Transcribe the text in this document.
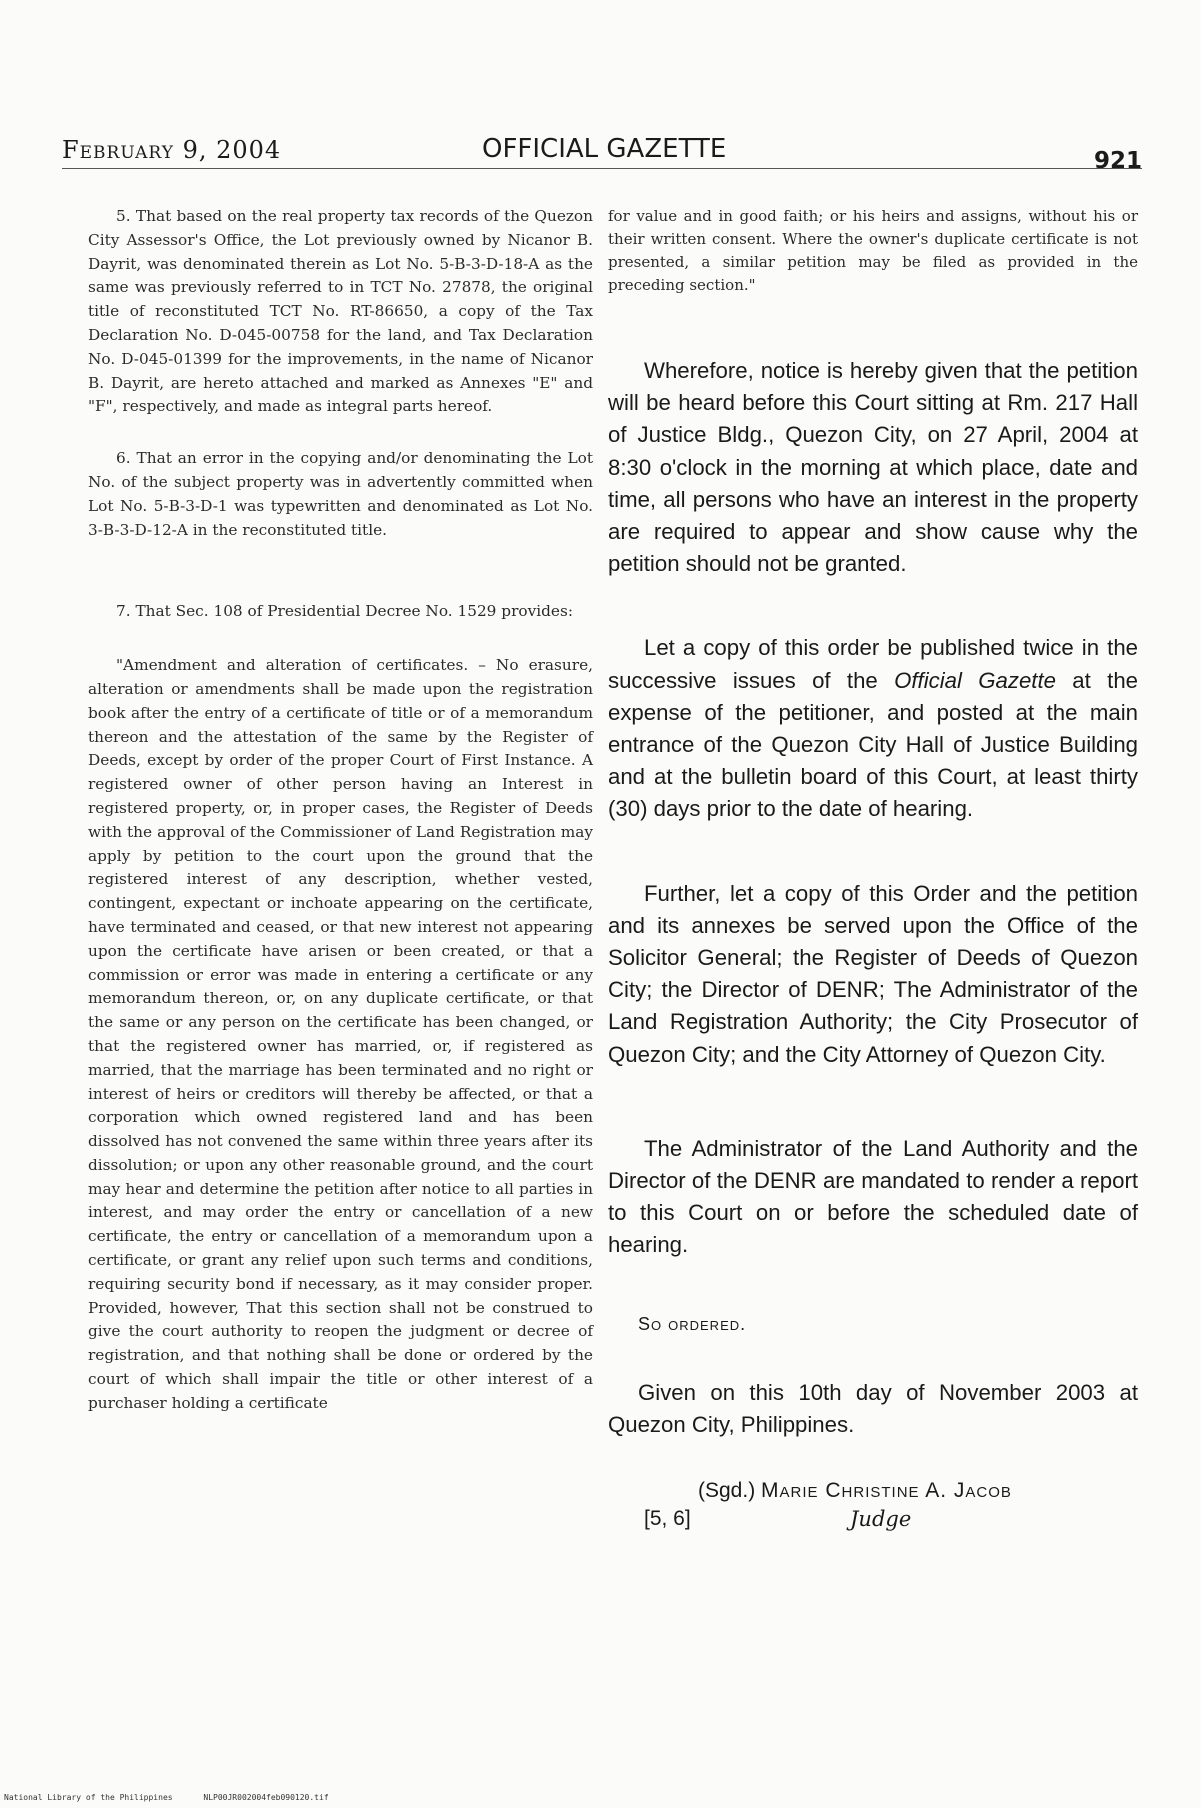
February 9, 2004	OFFICIAL GAZETTE	921

5. That based on the real property tax records of the Quezon City Assessor's Office, the Lot previously owned by Nicanor B. Dayrit, was denominated therein as Lot No. 5-B-3-D-18-A as the same was previously referred to in TCT No. 27878, the original title of reconstituted TCT No. RT-86650, a copy of the Tax Declaration No. D-045-00758 for the land, and Tax Declaration No. D-045-01399 for the improvements, in the name of Nicanor B. Dayrit, are hereto attached and marked as Annexes "E" and "F", respectively, and made as integral parts hereof.

6. That an error in the copying and/or denominating the Lot No. of the subject property was in advertently committed when Lot No. 5-B-3-D-1 was typewritten and denominated as Lot No. 3-B-3-D-12-A in the reconstituted title.

7. That Sec. 108 of Presidential Decree No. 1529 provides:

"Amendment and alteration of certificates. – No erasure, alteration or amendments shall be made upon the registration book after the entry of a certificate of title or of a memorandum thereon and the attestation of the same by the Register of Deeds, except by order of the proper Court of First Instance. A registered owner of other person having an Interest in registered property, or, in proper cases, the Register of Deeds with the approval of the Commissioner of Land Registration may apply by petition to the court upon the ground that the registered interest of any description, whether vested, contingent, expectant or inchoate appearing on the certificate, have terminated and ceased, or that new interest not appearing upon the certificate have arisen or been created, or that a commission or error was made in entering a certificate or any memorandum thereon, or, on any duplicate certificate, or that the same or any person on the certificate has been changed, or that the registered owner has married, or, if registered as married, that the marriage has been terminated and no right or interest of heirs or creditors will thereby be affected, or that a corporation which owned registered land and has been dissolved has not convened the same within three years after its dissolution; or upon any other reasonable ground, and the court may hear and determine the petition after notice to all parties in interest, and may order the entry or cancellation of a new certificate, the entry or cancellation of a memorandum upon a certificate, or grant any relief upon such terms and conditions, requiring security bond if necessary, as it may consider proper. Provided, however, That this section shall not be construed to give the court authority to reopen the judgment or decree of registration, and that nothing shall be done or ordered by the court of which shall impair the title or other interest of a purchaser holding a certificate

for value and in good faith; or his heirs and assigns, without his or their written consent. Where the owner's duplicate certificate is not presented, a similar petition may be filed as provided in the preceding section."

Wherefore, notice is hereby given that the petition will be heard before this Court sitting at Rm. 217 Hall of Justice Bldg., Quezon City, on 27 April, 2004 at 8:30 o'clock in the morning at which place, date and time, all persons who have an interest in the property are required to appear and show cause why the petition should not be granted.

Let a copy of this order be published twice in the successive issues of the Official Gazette at the expense of the petitioner, and posted at the main entrance of the Quezon City Hall of Justice Building and at the bulletin board of this Court, at least thirty (30) days prior to the date of hearing.

Further, let a copy of this Order and the petition and its annexes be served upon the Office of the Solicitor General; the Register of Deeds of Quezon City; the Director of DENR; The Administrator of the Land Registration Authority; the City Prosecutor of Quezon City; and the City Attorney of Quezon City.

The Administrator of the Land Authority and the Director of the DENR are mandated to render a report to this Court on or before the scheduled date of hearing.

So ordered.

Given on this 10th day of November 2003 at Quezon City, Philippines.

(Sgd.) Marie Christine A. Jacob
[5, 6]	Judge
National Library of the Philippines	NLP00JR002004feb090120.tif
